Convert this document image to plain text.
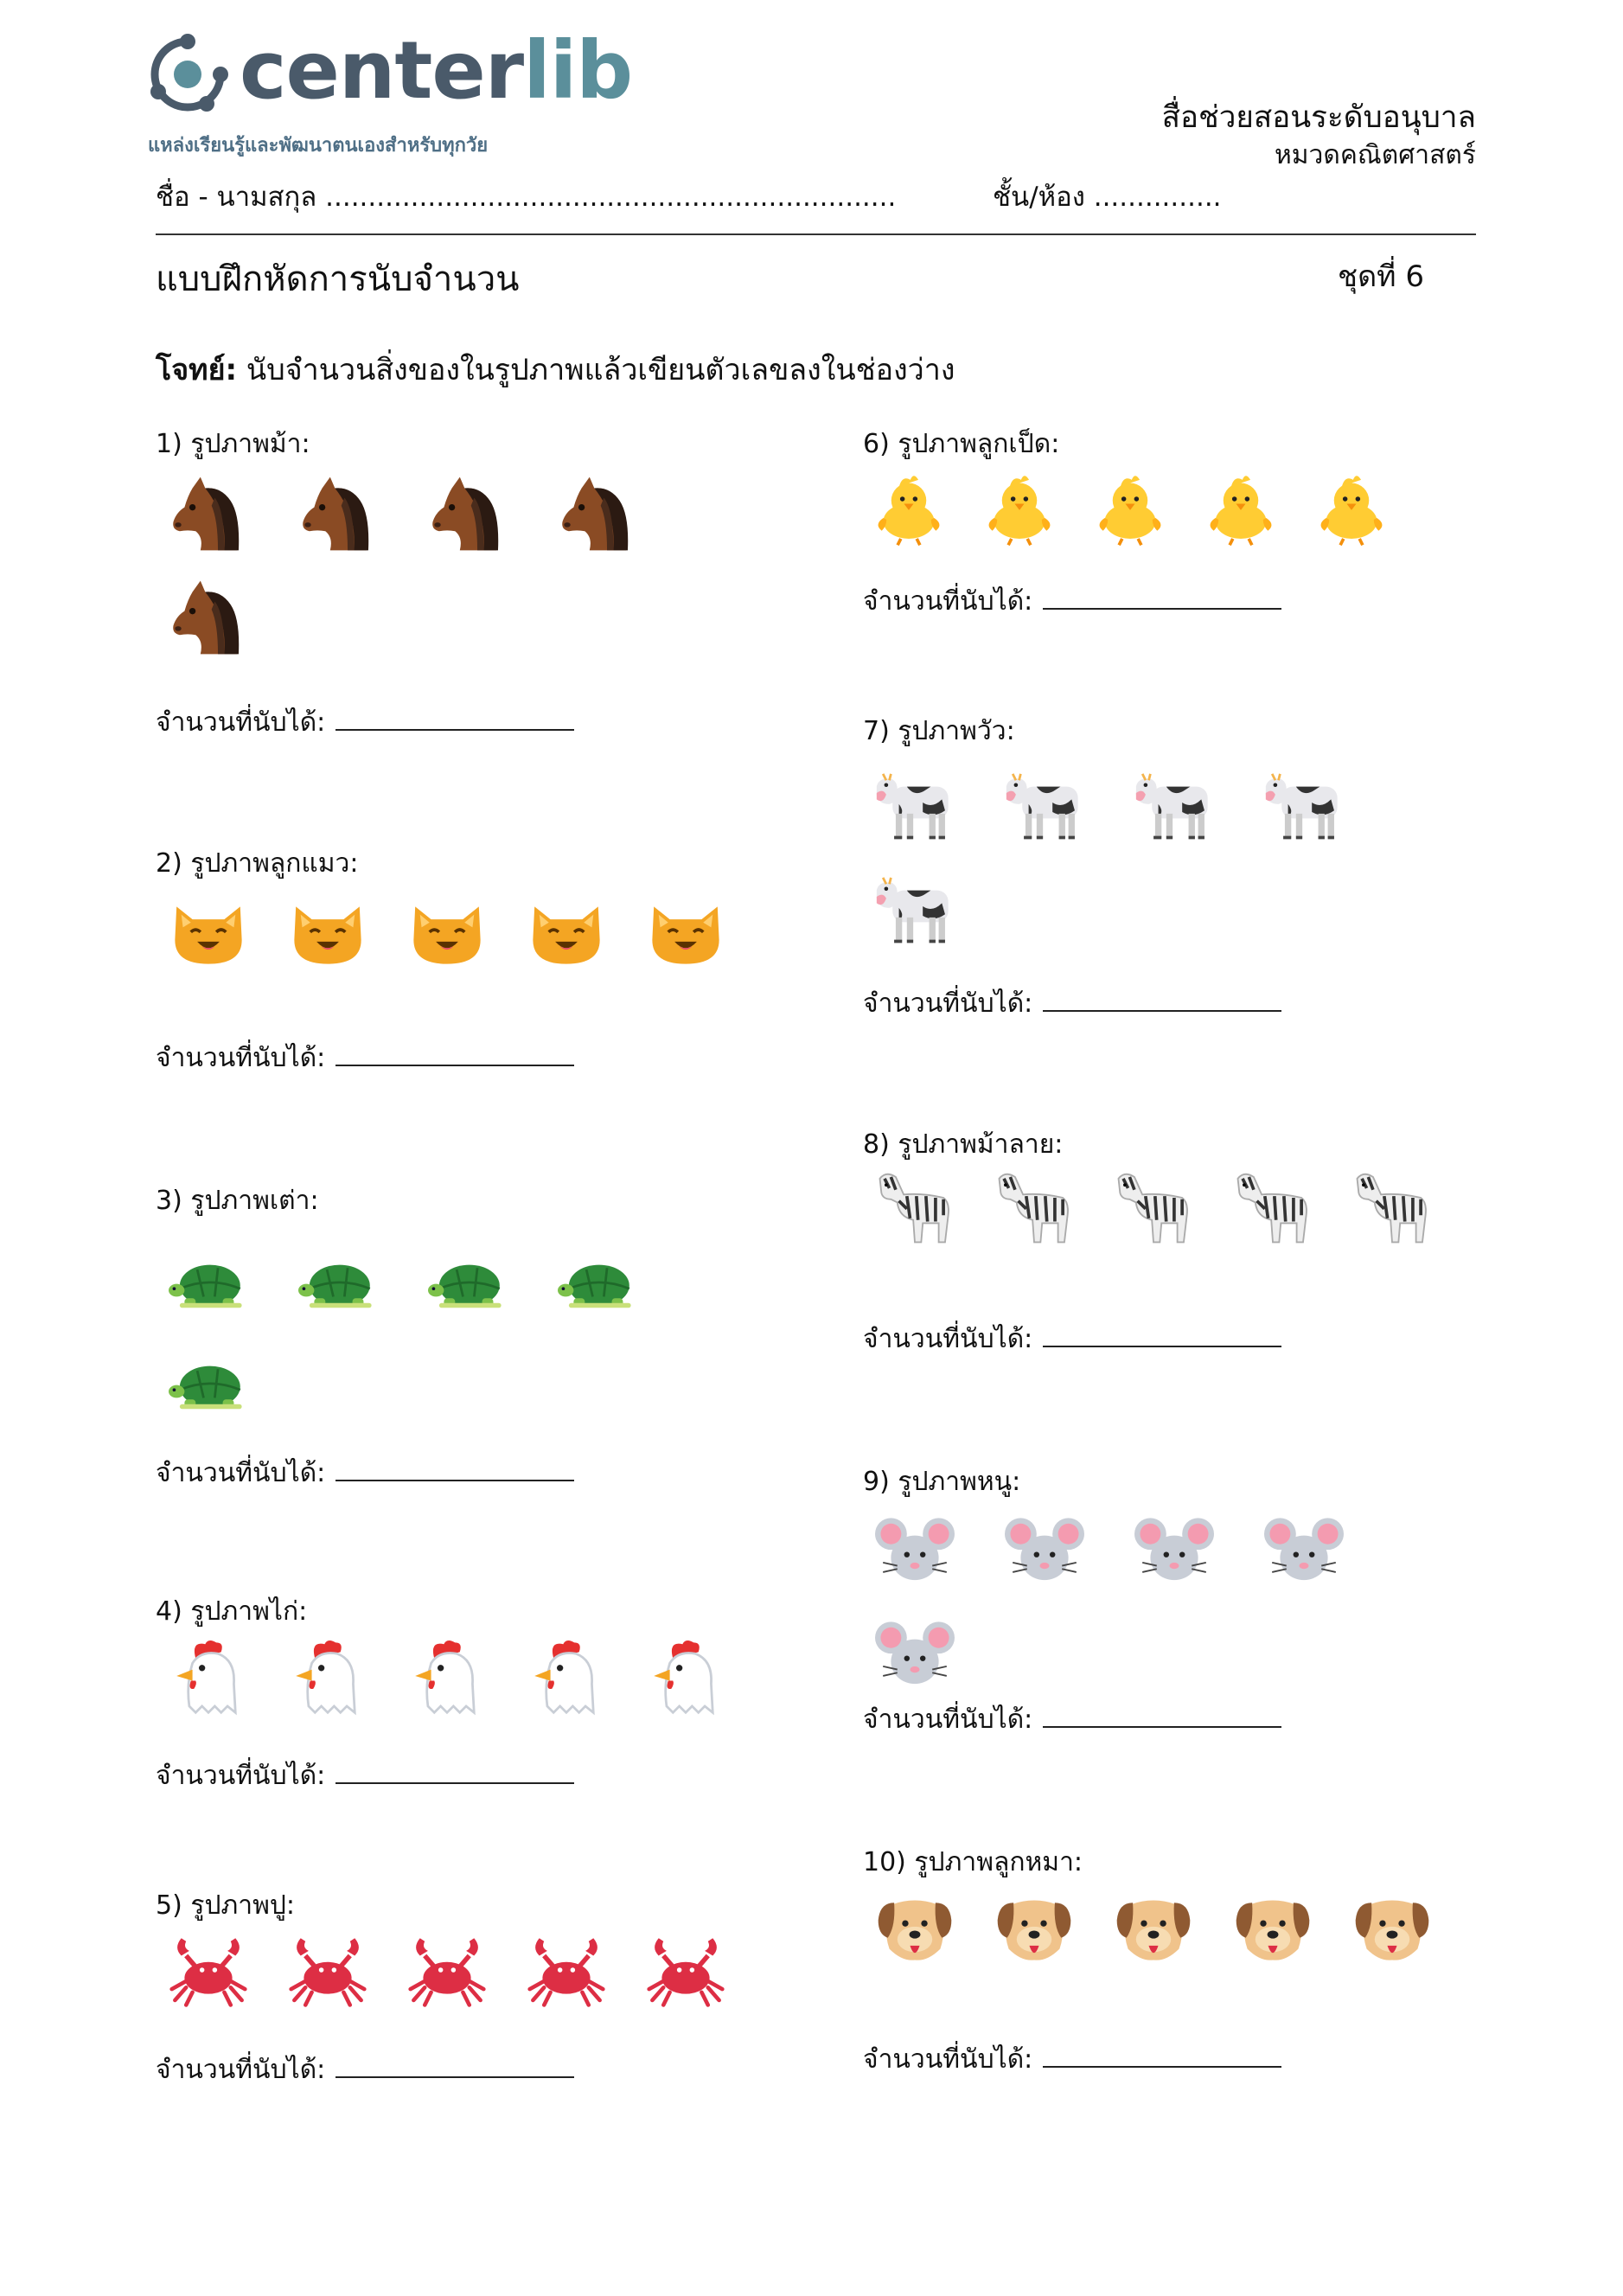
centerlib
แหล่งเรียนรู้และพัฒนาตนเองสำหรับทุกวัย
สื่อช่วยสอนระดับอนุบาล
หมวดคณิตศาสตร์
ชื่อ - นามสกุล ...................................................................	ชั้น/ห้อง ...............
แบบฝึกหัดการนับจำนวน	ชุดที่ 6
โจทย์: นับจำนวนสิ่งของในรูปภาพแล้วเขียนตัวเลขลงในช่องว่าง
1) รูปภาพม้า:
จำนวนที่นับได้:
2) รูปภาพลูกแมว:
จำนวนที่นับได้:
3) รูปภาพเต่า:
จำนวนที่นับได้:
4) รูปภาพไก่:
จำนวนที่นับได้:
5) รูปภาพปู:
จำนวนที่นับได้:
6) รูปภาพลูกเป็ด:
จำนวนที่นับได้:
7) รูปภาพวัว:
จำนวนที่นับได้:
8) รูปภาพม้าลาย:
จำนวนที่นับได้:
9) รูปภาพหนู:
จำนวนที่นับได้:
10) รูปภาพลูกหมา:
จำนวนที่นับได้:
